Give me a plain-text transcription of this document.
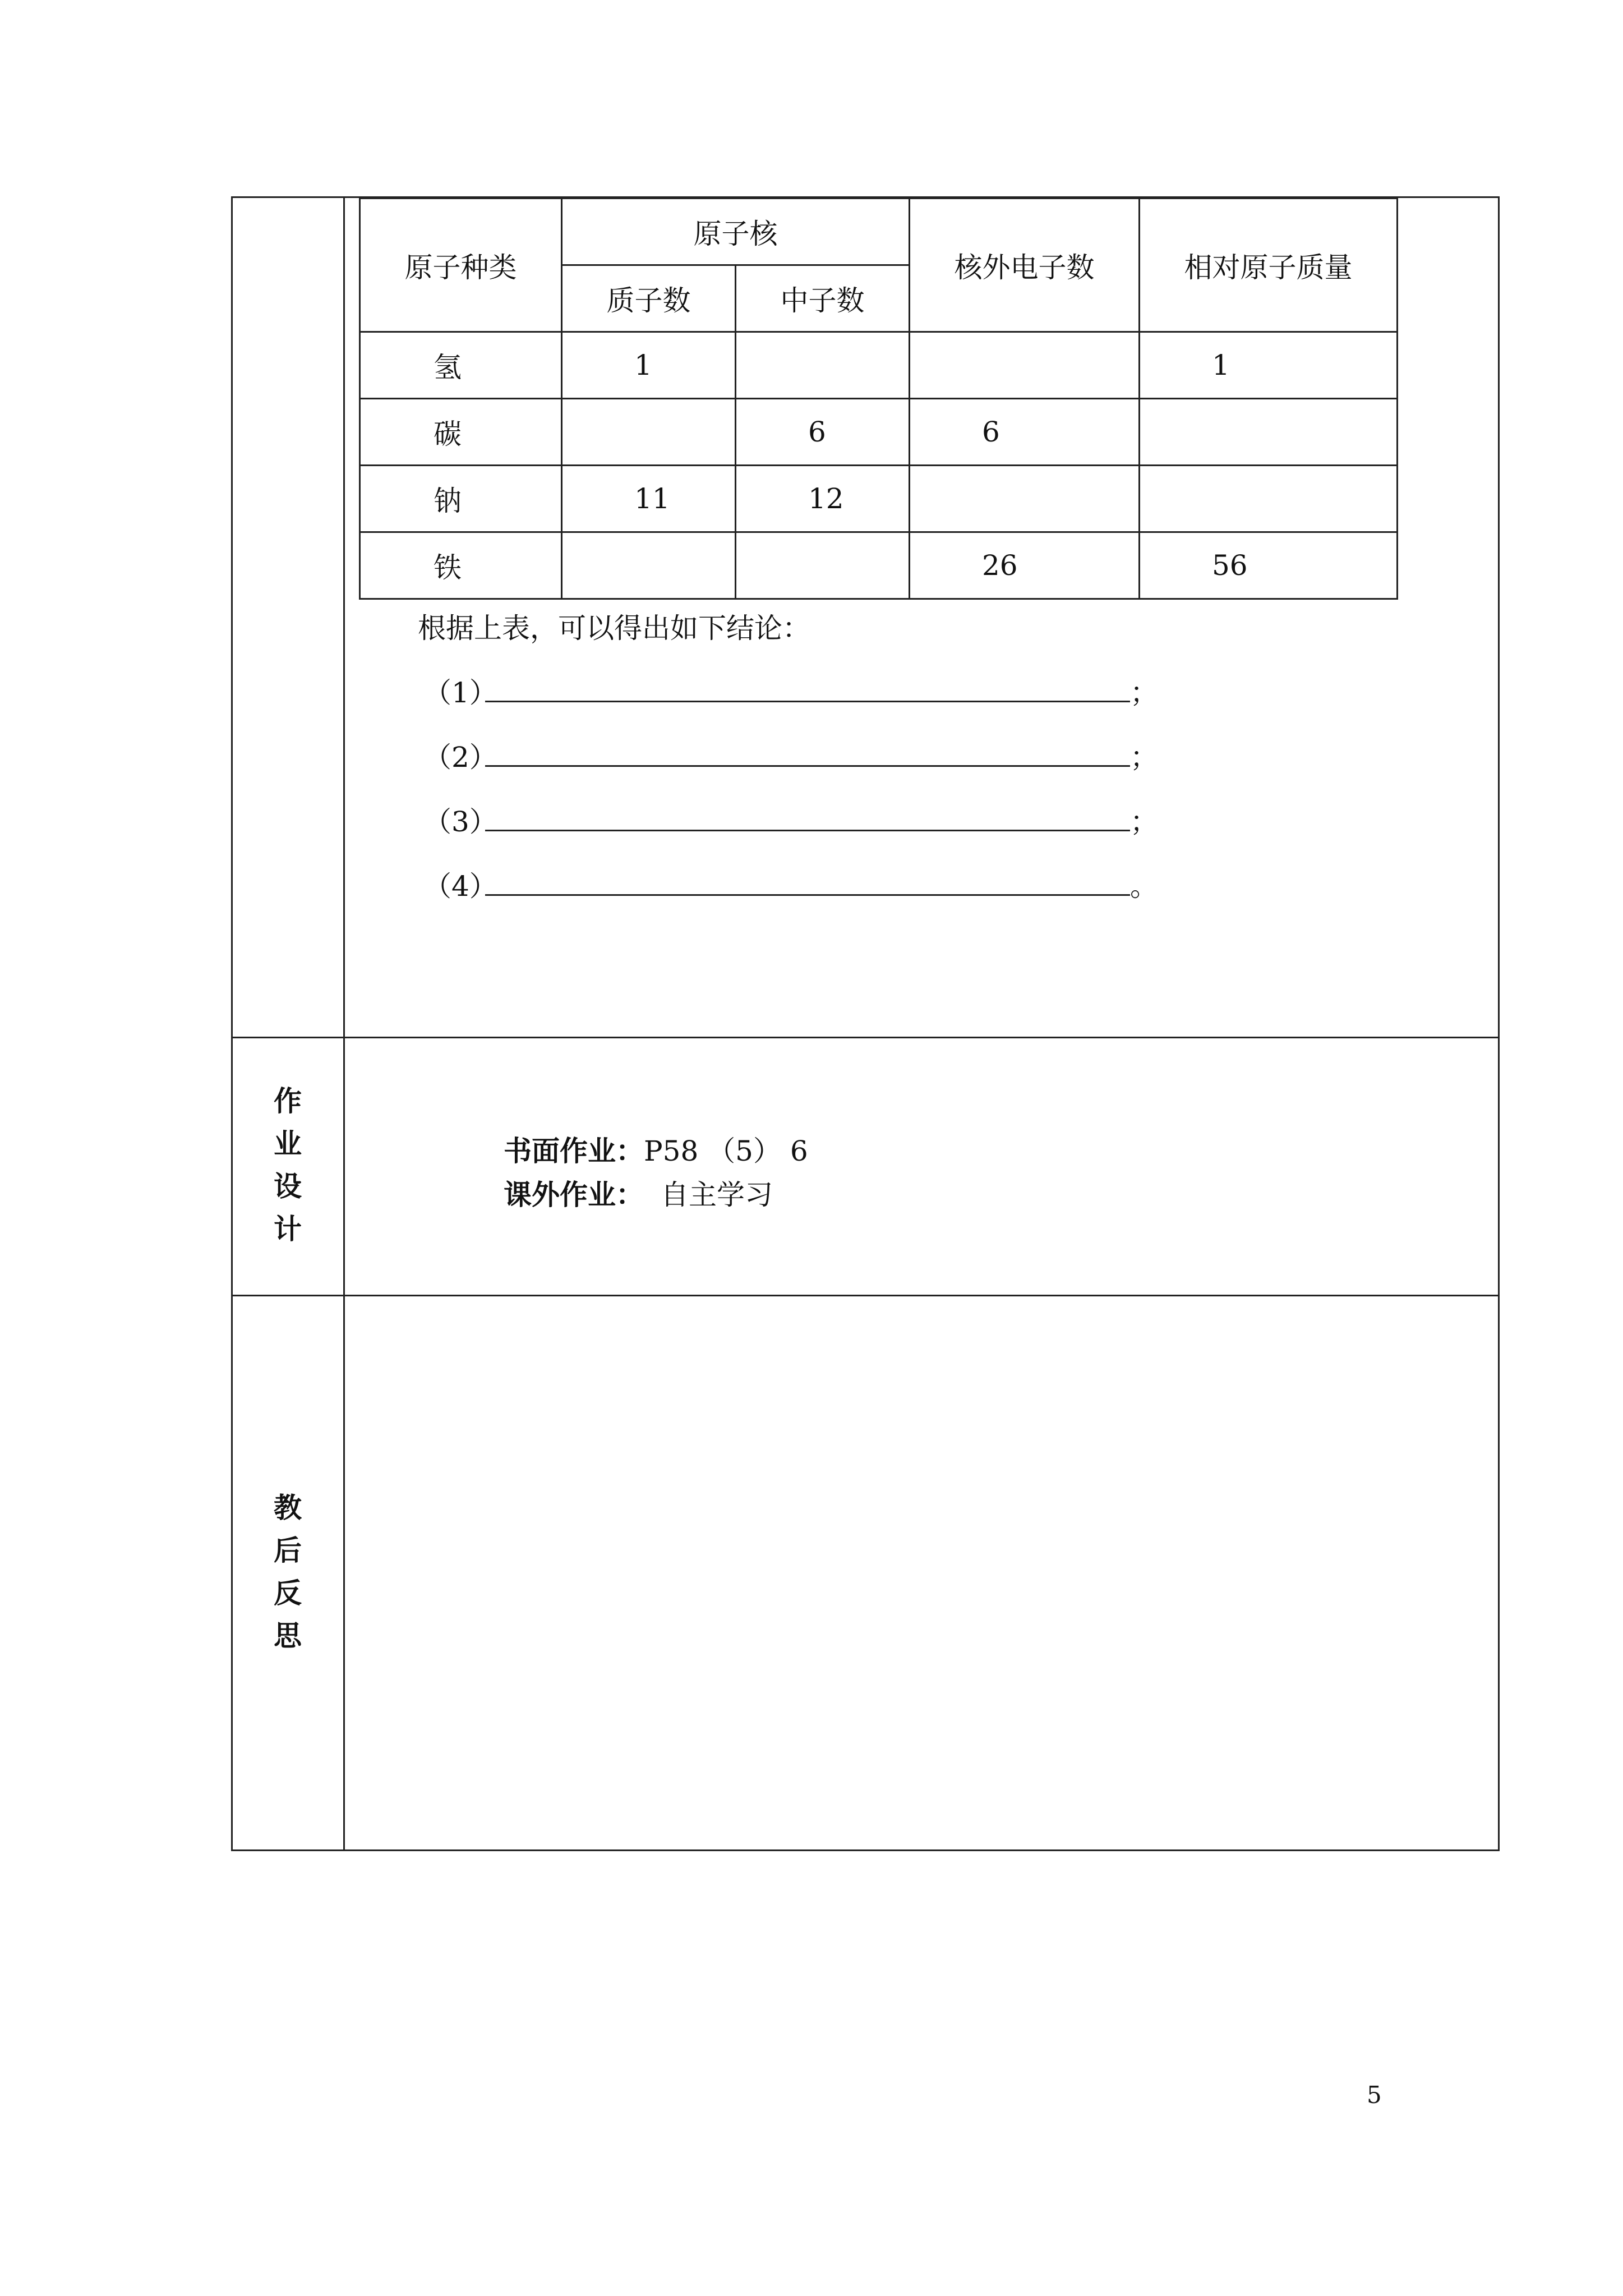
原子种类	原子核		核外电子数	相对原子质量
	质子数	中子数		
氢	1			1
碳		6	6	
钠	11	12		
铁			26	56
根据上表，可以得出如下结论：
（1）	；
（2）	；
（3）	；
（4）	。
作
业
设
计
书面作业：P58 （5） 6
课外作业： 自主学习
教
后
反
思
5
